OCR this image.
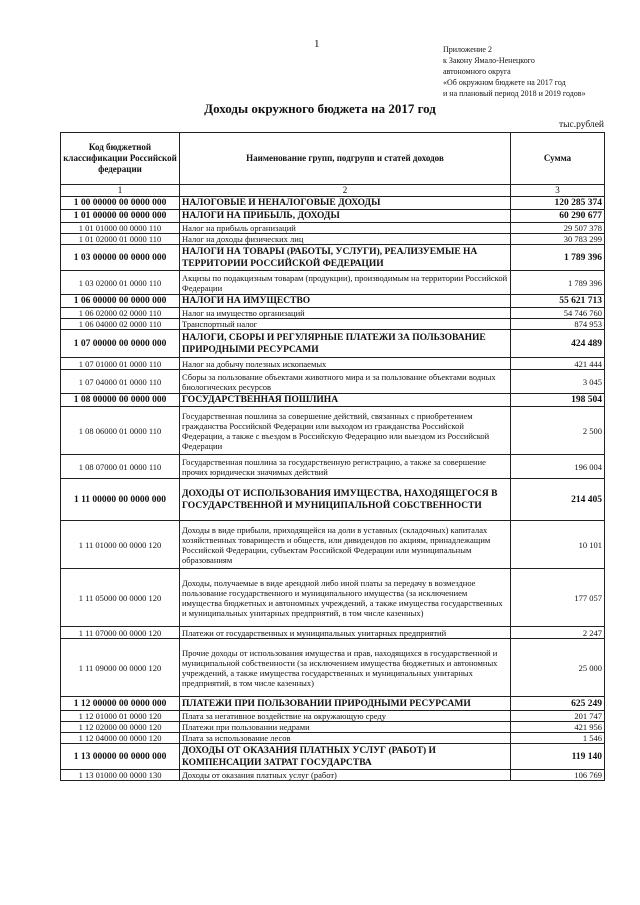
1	Приложение 2
к Закону Ямало-Ненецкого
автономного округа
«Об окружном бюджете на 2017 год
и на плановый период 2018 и 2019 годов»
Доходы окружного бюджета на 2017 год
тыс.рублей
Код бюджетной классификации Российской федерации	Наименование групп, подгрупп и статей доходов	Сумма
1	2	3
1 00 00000 00 0000 000	НАЛОГОВЫЕ И НЕНАЛОГОВЫЕ ДОХОДЫ	120 285 374
1 01 00000 00 0000 000	НАЛОГИ НА ПРИБЫЛЬ, ДОХОДЫ	60 290 677
1 01 01000 00 0000 110	Налог на прибыль организаций	29 507 378
1 01 02000 01 0000 110	Налог на доходы физических лиц	30 783 299
1 03 00000 00 0000 000	НАЛОГИ НА ТОВАРЫ (РАБОТЫ, УСЛУГИ), РЕАЛИЗУЕМЫЕ НА ТЕРРИТОРИИ РОССИЙСКОЙ ФЕДЕРАЦИИ	1 789 396
1 03 02000 01 0000 110	Акцизы по подакцизным товарам (продукции), производимым на территории Российской Федерации	1 789 396
1 06 00000 00 0000 000	НАЛОГИ НА ИМУЩЕСТВО	55 621 713
1 06 02000 02 0000 110	Налог на имущество организаций	54 746 760
1 06 04000 02 0000 110	Транспортный налог	874 953
1 07 00000 00 0000 000	НАЛОГИ, СБОРЫ И РЕГУЛЯРНЫЕ ПЛАТЕЖИ ЗА ПОЛЬЗОВАНИЕ ПРИРОДНЫМИ РЕСУРСАМИ	424 489
1 07 01000 01 0000 110	Налог на добычу полезных ископаемых	421 444
1 07 04000 01 0000 110	Сборы за пользование объектами животного мира и за пользование объектами водных биологических ресурсов	3 045
1 08 00000 00 0000 000	ГОСУДАРСТВЕННАЯ ПОШЛИНА	198 504
1 08 06000 01 0000 110	Государственная пошлина за совершение действий, связанных с приобретением гражданства Российской Федерации или выходом из гражданства Российской Федерации, а также с въездом в Российскую Федерацию или выездом из Российской Федерации	2 500
1 08 07000 01 0000 110	Государственная пошлина за государственную регистрацию, а также за совершение прочих юридически значимых действий	196 004
1 11 00000 00 0000 000	ДОХОДЫ ОТ ИСПОЛЬЗОВАНИЯ ИМУЩЕСТВА, НАХОДЯЩЕГОСЯ В ГОСУДАРСТВЕННОЙ И МУНИЦИПАЛЬНОЙ СОБСТВЕННОСТИ	214 405
1 11 01000 00 0000 120	Доходы в виде прибыли, приходящейся на доли в уставных (складочных) капиталах хозяйственных товариществ и обществ, или дивидендов по акциям, принадлежащим Российской Федерации, субъектам Российской Федерации или муниципальным образованиям	10 101
1 11 05000 00 0000 120	Доходы, получаемые в виде арендной либо иной платы за передачу в возмездное пользование государственного и муниципального имущества (за исключением имущества бюджетных и автономных учреждений, а также имущества государственных и муниципальных унитарных предприятий, в том числе казенных)	177 057
1 11 07000 00 0000 120	Платежи от государственных и муниципальных унитарных предприятий	2 247
1 11 09000 00 0000 120	Прочие доходы от использования имущества и прав, находящихся в государственной и муниципальной собственности (за исключением имущества бюджетных и автономных учреждений, а также имущества государственных и муниципальных унитарных предприятий, в том числе казенных)	25 000
1 12 00000 00 0000 000	ПЛАТЕЖИ ПРИ ПОЛЬЗОВАНИИ ПРИРОДНЫМИ РЕСУРСАМИ	625 249
1 12 01000 01 0000 120	Плата за негативное воздействие на окружающую среду	201 747
1 12 02000 00 0000 120	Платежи при пользовании недрами	421 956
1 12 04000 00 0000 120	Плата за использование лесов	1 546
1 13 00000 00 0000 000	ДОХОДЫ ОТ ОКАЗАНИЯ ПЛАТНЫХ УСЛУГ (РАБОТ) И КОМПЕНСАЦИИ ЗАТРАТ ГОСУДАРСТВА	119 140
1 13 01000 00 0000 130	Доходы от оказания платных услуг (работ)	106 769
